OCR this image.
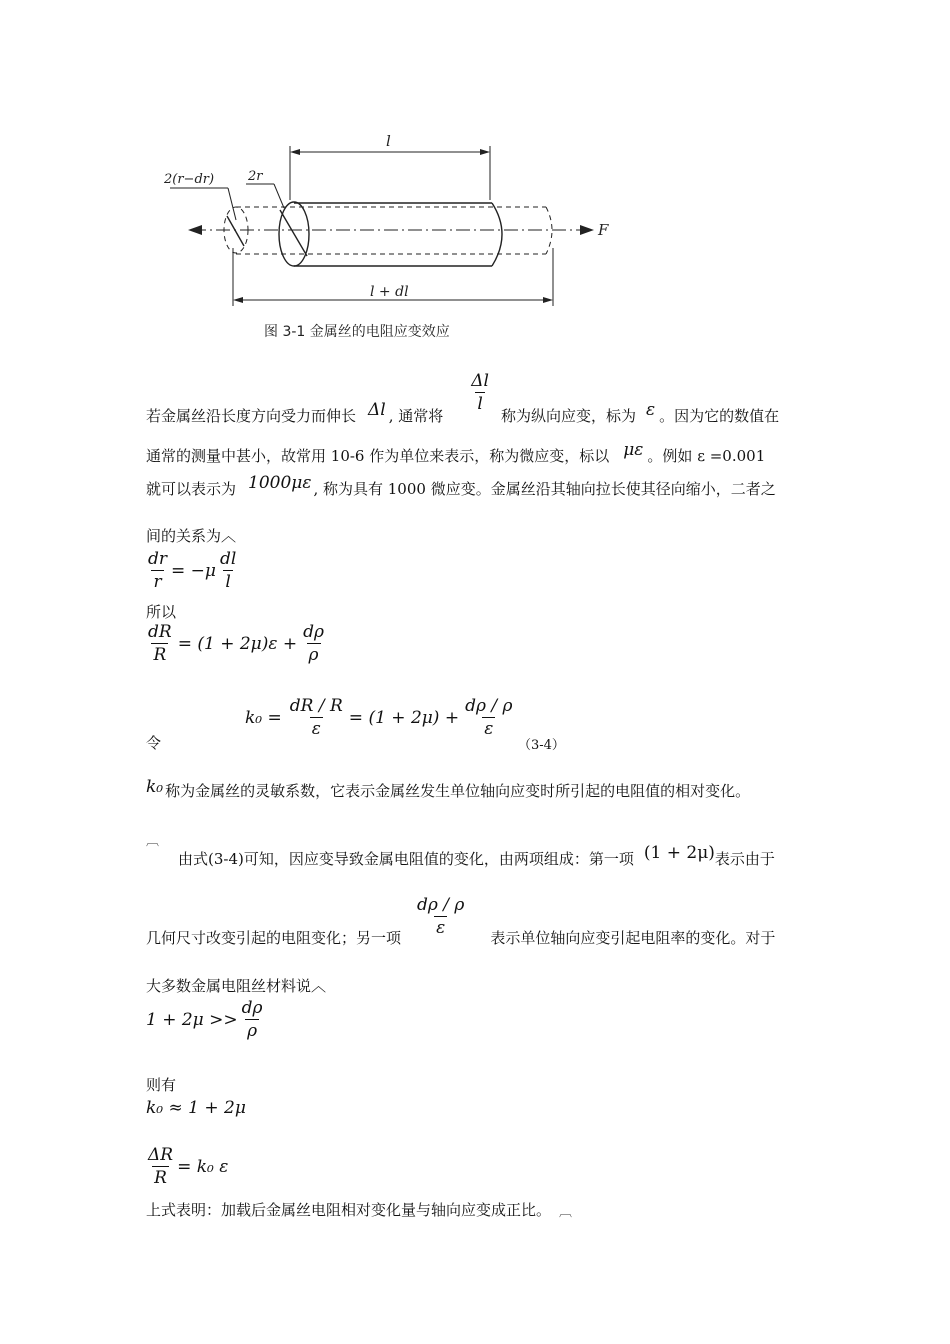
F
l
l + dl
2(r−dr)	2r
图 3-1 金属丝的电阻应变效应
若金属丝沿长度方向受力而伸长 Δl , 通常将
$\frac{\Delta l}{l}$
称为纵向应变，标为 ε 。因为它的数值在
通常的测量中甚小，故常用 10-6 作为单位来表示，称为微应变，标以 με 。例如 ε =0.001
就可以表示为 1000με , 称为具有 1000 微应变。金属丝沿其轴向拉长使其径向缩小，二者之
间的关系为︿
$\frac{dr}{r} = -\mu \frac{dl}{l}$
所以
$\frac{dR}{R} = (1 + 2\mu)\varepsilon + \frac{d\rho}{\rho}$
令
$k_0 = \frac{dR / R}{\varepsilon} = (1 + 2\mu) + \frac{d\rho / \rho}{\varepsilon}$
（3-4）
k₀ 称为金属丝的灵敏系数，它表示金属丝发生单位轴向应变时所引起的电阻值的相对变化。
︹
由式(3-4)可知，因应变导致金属电阻值的变化，由两项组成：第一项 (1 + 2μ) 表示由于
几何尺寸改变引起的电阻变化；另一项 $\frac{d\rho / \rho}{\varepsilon}$ 表示单位轴向应变引起电阻率的变化。对于
大多数金属电阻丝材料说︿
$1 + 2\mu >> \frac{d\rho}{\rho}$
则有
k₀ ≈ 1 + 2μ
$\frac{\Delta R}{R} = k_0$ ε
上式表明：加载后金属丝电阻相对变化量与轴向应变成正比。 ︹
